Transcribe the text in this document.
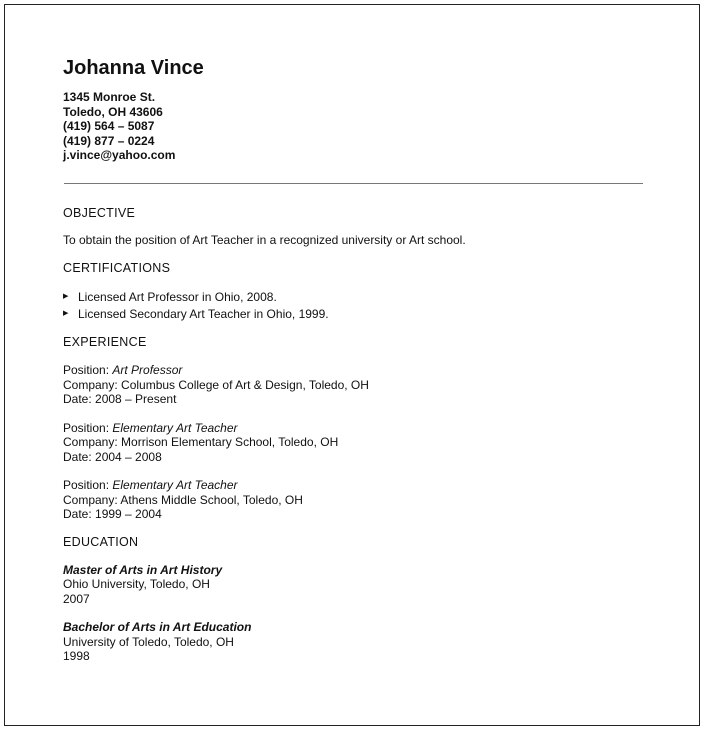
Johanna Vince
1345 Monroe St.
Toledo, OH 43606
(419) 564 – 5087
(419) 877 – 0224
j.vince@yahoo.com
OBJECTIVE
To obtain the position of Art Teacher in a recognized university or Art school.
CERTIFICATIONS
▶ Licensed Art Professor in Ohio, 2008.
▶ Licensed Secondary Art Teacher in Ohio, 1999.
EXPERIENCE
Position: Art Professor
Company: Columbus College of Art & Design, Toledo, OH
Date: 2008 – Present
Position: Elementary Art Teacher
Company: Morrison Elementary School, Toledo, OH
Date: 2004 – 2008
Position: Elementary Art Teacher
Company: Athens Middle School, Toledo, OH
Date: 1999 – 2004
EDUCATION
Master of Arts in Art History
Ohio University, Toledo, OH
2007
Bachelor of Arts in Art Education
University of Toledo, Toledo, OH
1998
